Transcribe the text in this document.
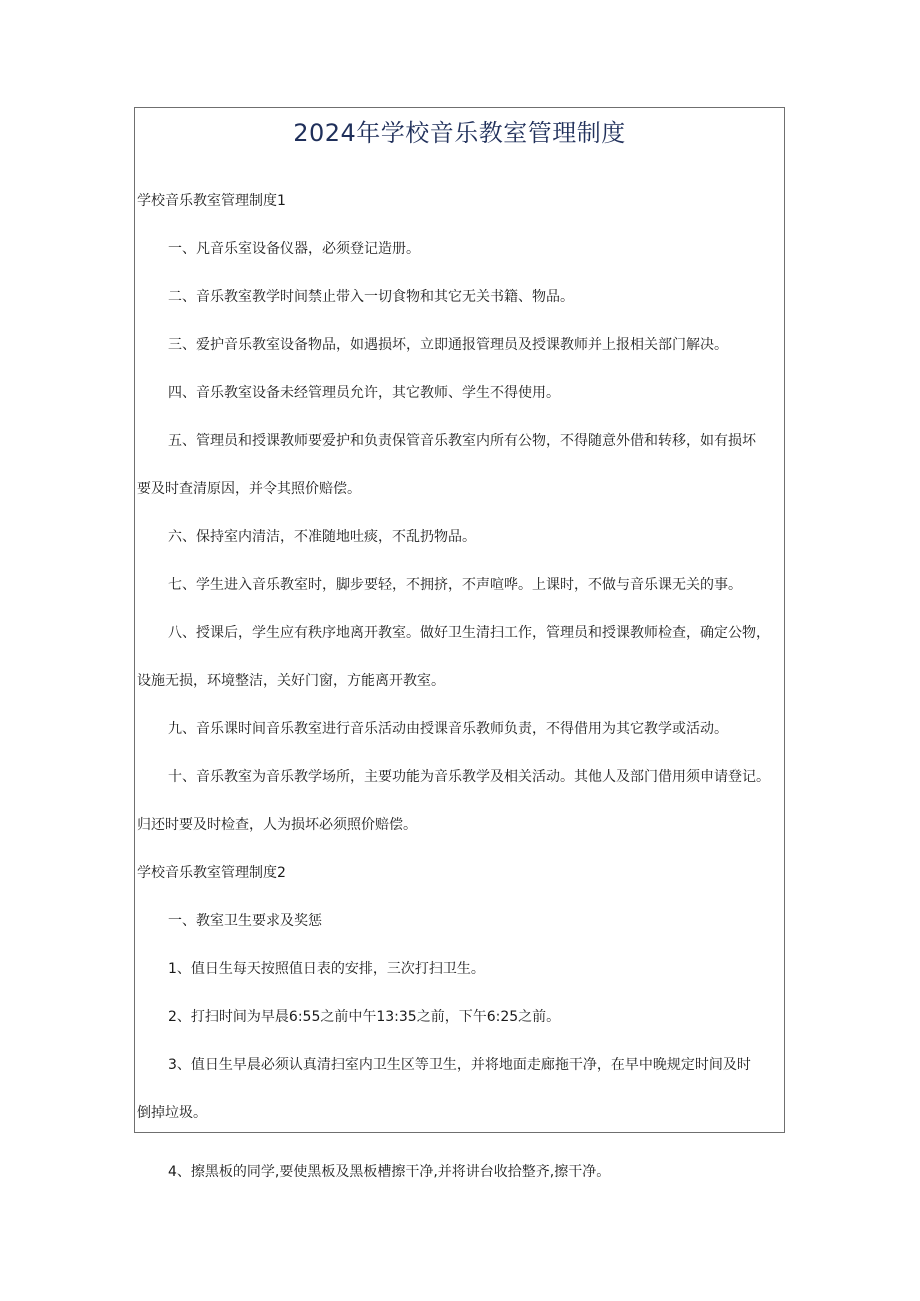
2024年学校音乐教室管理制度
学校音乐教室管理制度1
一、凡音乐室设备仪器，必须登记造册。
二、音乐教室教学时间禁止带入一切食物和其它无关书籍、物品。
三、爱护音乐教室设备物品，如遇损坏，立即通报管理员及授课教师并上报相关部门解决。
四、音乐教室设备未经管理员允许，其它教师、学生不得使用。
五、管理员和授课教师要爱护和负责保管音乐教室内所有公物，不得随意外借和转移，如有损坏
要及时查清原因，并令其照价赔偿。
六、保持室内清洁，不准随地吐痰，不乱扔物品。
七、学生进入音乐教室时，脚步要轻，不拥挤，不声喧哗。上课时，不做与音乐课无关的事。
八、授课后，学生应有秩序地离开教室。做好卫生清扫工作，管理员和授课教师检查，确定公物，
设施无损，环境整洁，关好门窗，方能离开教室。
九、音乐课时间音乐教室进行音乐活动由授课音乐教师负责，不得借用为其它教学或活动。
十、音乐教室为音乐教学场所，主要功能为音乐教学及相关活动。其他人及部门借用须申请登记。
归还时要及时检查，人为损坏必须照价赔偿。
学校音乐教室管理制度2
一、教室卫生要求及奖惩
1、值日生每天按照值日表的安排，三次打扫卫生。
2、打扫时间为早晨6:55之前中午13:35之前，下午6:25之前。
3、值日生早晨必须认真清扫室内卫生区等卫生，并将地面走廊拖干净，在早中晚规定时间及时
倒掉垃圾。
4、擦黑板的同学,要使黑板及黑板槽擦干净,并将讲台收拾整齐,擦干净。
